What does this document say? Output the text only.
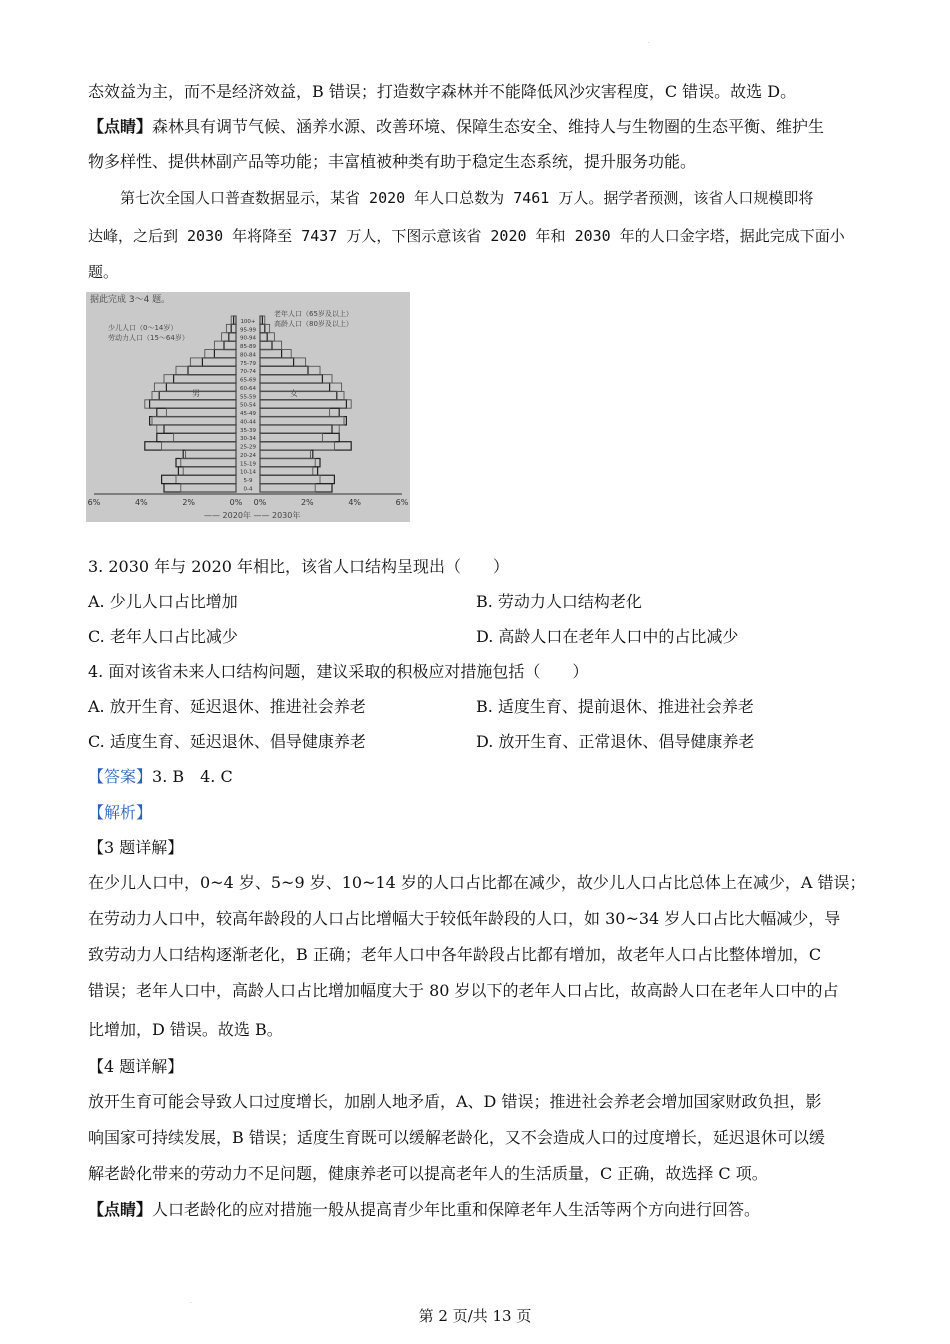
·
态效益为主，而不是经济效益，B 错误；打造数字森林并不能降低风沙灾害程度，C 错误。故选 D。
【点睛】森林具有调节气候、涵养水源、改善环境、保障生态安全、维持人与生物圈的生态平衡、维护生
物多样性、提供林副产品等功能；丰富植被种类有助于稳定生态系统，提升服务功能。
第七次全国人口普查数据显示，某省 2020 年人口总数为 7461 万人。据学者预测，该省人口规模即将
达峰，之后到 2030 年将降至 7437 万人，下图示意该省 2020 年和 2030 年的人口金字塔，据此完成下面小
题。
据此完成 3～4 题。
少儿人口（0～14岁）
劳动力人口（15～64岁）
老年人口（65岁及以上）
高龄人口（80岁及以上）
男	女
100+
95-99
90-94
85-89
80-84
75-79
70-74
65-69
60-64
55-59
50-54
45-49
40-44
35-39
30-34
25-29
20-24
15-19
10-14
5-9
0-4
6%	4%	2%	0% 0%	2%	4%	6%
—— 2020年 —— 2030年
3. 2030 年与 2020 年相比，该省人口结构呈现出（　　）
A. 少儿人口占比增加	B. 劳动力人口结构老化
C. 老年人口占比减少	D. 高龄人口在老年人口中的占比减少
4. 面对该省未来人口结构问题，建议采取的积极应对措施包括（　　）
A. 放开生育、延迟退休、推进社会养老	B. 适度生育、提前退休、推进社会养老
C. 适度生育、延迟退休、倡导健康养老	D. 放开生育、正常退休、倡导健康养老
【答案】3. B　4. C
【解析】
【3 题详解】
在少儿人口中，0~4 岁、5~9 岁、10~14 岁的人口占比都在减少，故少儿人口占比总体上在减少，A 错误；
在劳动力人口中，较高年龄段的人口占比增幅大于较低年龄段的人口，如 30~34 岁人口占比大幅减少，导
致劳动力人口结构逐渐老化，B 正确；老年人口中各年龄段占比都有增加，故老年人口占比整体增加，C
错误；老年人口中，高龄人口占比增加幅度大于 80 岁以下的老年人口占比，故高龄人口在老年人口中的占
比增加，D 错误。故选 B。
【4 题详解】
放开生育可能会导致人口过度增长，加剧人地矛盾，A、D 错误；推进社会养老会增加国家财政负担，影
响国家可持续发展，B 错误；适度生育既可以缓解老龄化，又不会造成人口的过度增长，延迟退休可以缓
解老龄化带来的劳动力不足问题，健康养老可以提高老年人的生活质量，C 正确，故选择 C 项。
【点睛】人口老龄化的应对措施一般从提高青少年比重和保障老年人生活等两个方向进行回答。
·
第 2 页/共 13 页
